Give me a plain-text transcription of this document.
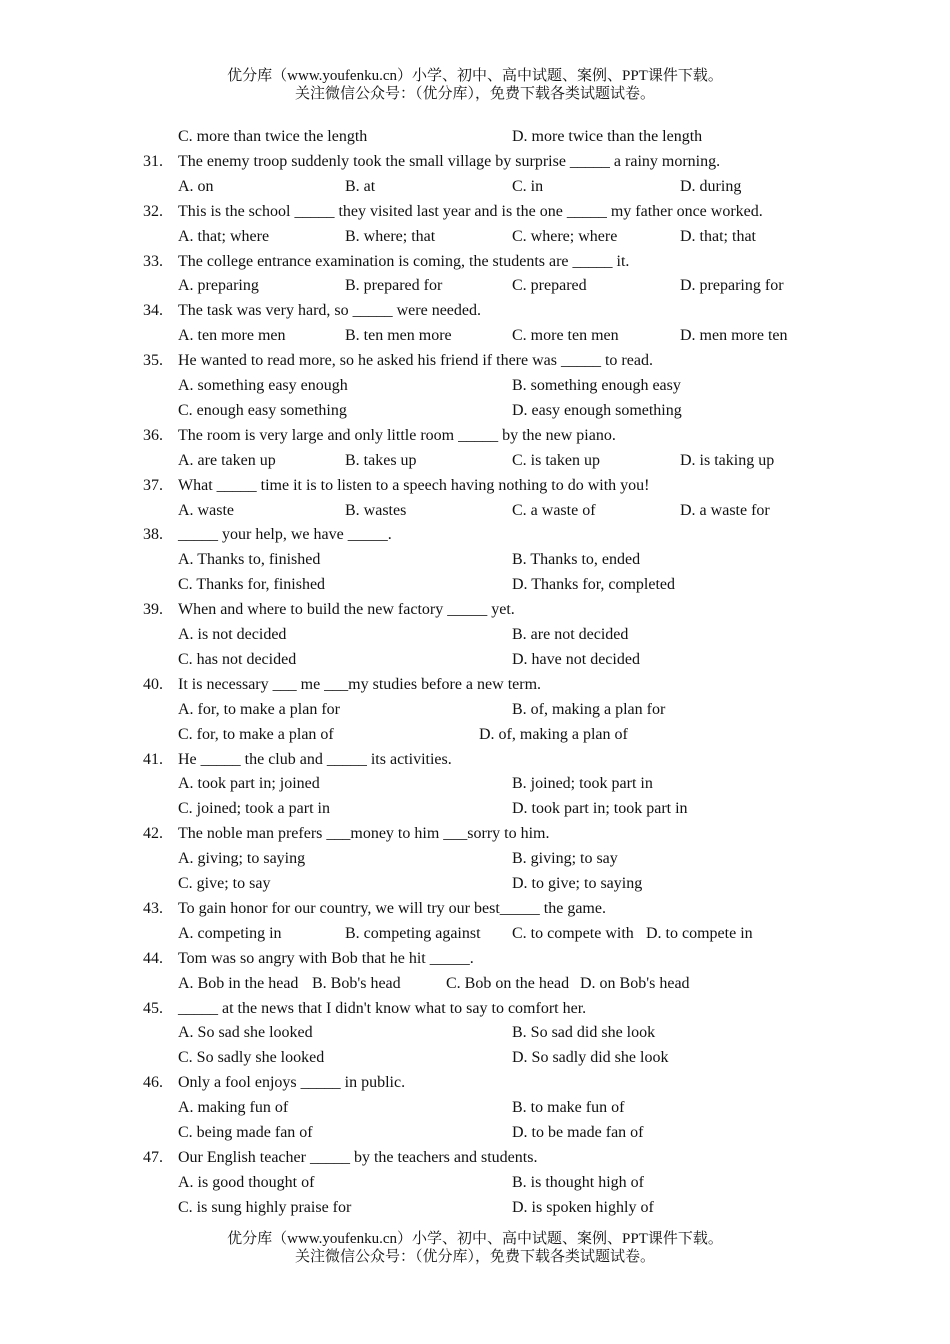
优分库（www.youfenku.cn）小学、初中、高中试题、案例、PPT课件下载。
关注微信公众号：（优分库），免费下载各类试题试卷。
C. more than twice the length	D. more twice than the length
31. The enemy troop suddenly took the small village by surprise _____ a rainy morning.
A. on	B. at	C. in	D. during
32. This is the school _____ they visited last year and is the one _____ my father once worked.
A. that; where	B. where; that	C. where; where	D. that; that
33. The college entrance examination is coming, the students are _____ it.
A. preparing	B. prepared for	C. prepared	D. preparing for
34. The task was very hard, so _____ were needed.
A. ten more men	B. ten men more	C. more ten men	D. men more ten
35. He wanted to read more, so he asked his friend if there was _____ to read.
A. something easy enough	B. something enough easy
C. enough easy something	D. easy enough something
36. The room is very large and only little room _____ by the new piano.
A. are taken up	B. takes up	C. is taken up	D. is taking up
37. What _____ time it is to listen to a speech having nothing to do with you!
A. waste	B. wastes	C. a waste of	D. a waste for
38. _____ your help, we have _____.
A. Thanks to, finished	B. Thanks to, ended
C. Thanks for, finished	D. Thanks for, completed
39. When and where to build the new factory _____ yet.
A. is not decided	B. are not decided
C. has not decided	D. have not decided
40. It is necessary ___ me ___my studies before a new term.
A. for, to make a plan for	B. of, making a plan for
C. for, to make a plan of	D. of, making a plan of
41. He _____ the club and _____ its activities.
A. took part in; joined	B. joined; took part in
C. joined; took a part in	D. took part in; took part in
42. The noble man prefers ___money to him ___sorry to him.
A. giving; to saying	B. giving; to say
C. give; to say	D. to give; to saying
43. To gain honor for our country, we will try our best_____ the game.
A. competing in	B. competing against C. to compete with D. to compete in
44. Tom was so angry with Bob that he hit _____.
A. Bob in the head B. Bob's head	C. Bob on the head D. on Bob's head
45. _____ at the news that I didn't know what to say to comfort her.
A. So sad she looked	B. So sad did she look
C. So sadly she looked	D. So sadly did she look
46. Only a fool enjoys _____ in public.
A. making fun of	B. to make fun of
C. being made fan of	D. to be made fan of
47. Our English teacher _____ by the teachers and students.
A. is good thought of	B. is thought high of
C. is sung highly praise for	D. is spoken highly of
优分库（www.youfenku.cn）小学、初中、高中试题、案例、PPT课件下载。
关注微信公众号：（优分库），免费下载各类试题试卷。
